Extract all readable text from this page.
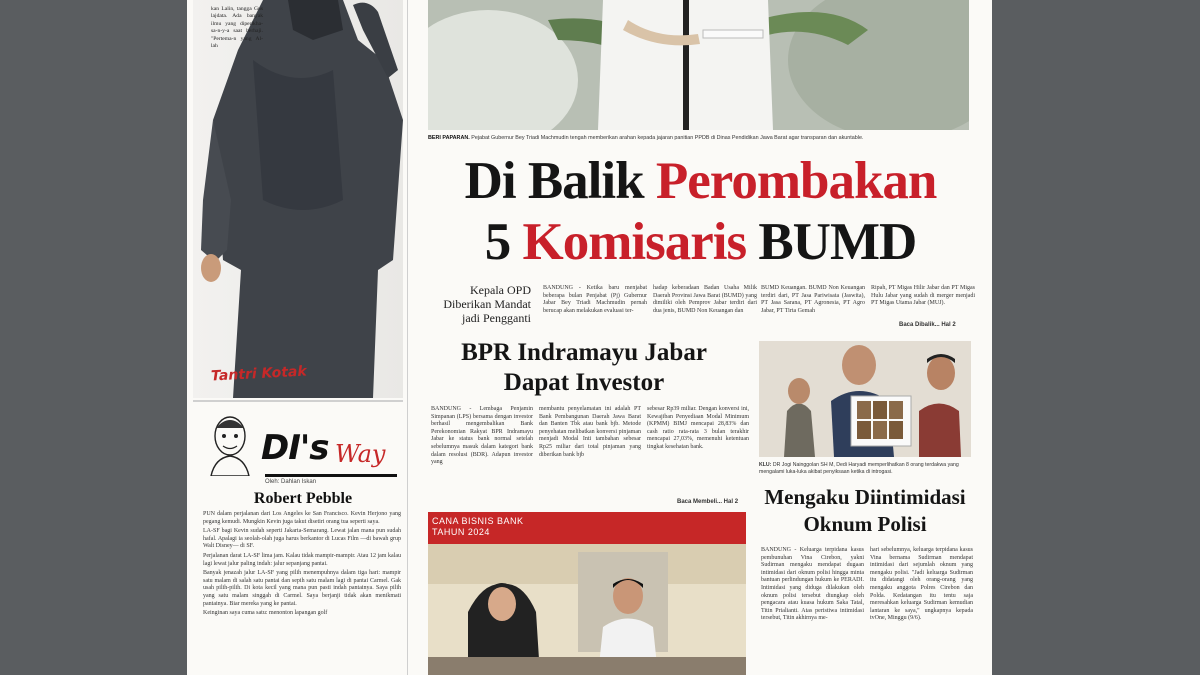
kan Lalin, tangga Gus lajdata. Ada banyak ilmu yang diperikha-sa-n-y-a saat berhaji. "Pertema-n yang Al-lah
Tantri Kotak
DI's Way
Oleh: Dahlan Iskan
Robert Pebble

PUN dalam perjalanan dari Los Angeles ke San Francisco. Kevin Herjono yang pegang kemudi. Mungkin Kevin juga takut disetiri orang tua seperti saya.

LA-SF bagi Kevin sudah seperti Jakarta-Semarang. Lewat jalan mana pun sudah hafal. Apalagi ia seolah-olah juga harus berkantor di Lucas Film —di bawah grup Walt Disney— di SF.

Perjalanan darat LA-SF lima jam. Kalau tidak mampir-mampir. Atau 12 jam kalau lagi lewat jalur paling indah: jalur sepanjang pantai.

Banyak jenazah jalur LA-SF yang pilih menempuhnya dalam tiga hari: mampir satu malam di salah satu pantai dan sepih satu malam lagi di pantai Carmel. Gak usah pilih-pilih. Di kota kecil yang mana pun pasti indah pantainya. Saya pilih yang satu malam singgah di Carmel. Saya berjanji tidak akan menikmati pantainya. Biar mereka yang ke pantai.

Keinginan saya cuma satu: menonton lapangan golf

BERI PAPARAN. Pejabat Gubernur Bey Triadi Machmudin tengah memberikan arahan kepada jajaran panitian PPDB di Dinas Pendidikan Jawa Barat agar transparan dan akuntable.
Di Balik Perombakan
5 Komisaris BUMD
Kepala OPD Diberikan Mandat jadi Pengganti
BANDUNG - Ketika baru menjabat beberapa bulan Penjabat (Pj) Gubernur Jabar Bey Triadi Machmudin pernah berucap akan melakukan evaluasi ter-
hadap keberadaan Badan Usaha Milik Daerah Provinsi Jawa Barat (BUMD) yang dimiliki oleh Pemprov Jabar terdiri dari dua jenis, BUMD Non Keuangan dan
BUMD Keuangan. BUMD Non Keuangan terdiri dari, PT Jasa Pariwisata (Jaswita), PT Jasa Sarana, PT Agronesia, PT Agro Jabar, PT Tirta Gemah
Ripah, PT Migas Hilir Jabar dan PT Migas Hulu Jabar yang sudah di merger menjadi PT Migas Utama Jabar (MUJ).
Baca Dibalik... Hal 2
BPR Indramayu Jabar Dapat Investor
BANDUNG - Lembaga Penjamin Simpanan (LPS) bersama dengan investor berhasil mengembalikan Bank Perekonomian Rakyat BPR Indramayu Jabar ke status bank normal setelah sebelumnya masuk dalam kategori bank dalam resolusi (BDR). Adapun investor yang
membantu penyelamatan ini adalah PT Bank Pembangunan Daerah Jawa Barat dan Banten Tbk atau bank bjb. Metode penyehatan melibatkan konversi pinjaman menjadi Modal Inti tambahan sebesar Rp25 miliar dari total pinjaman yang diberikan bank bjb
sebesar Rp39 miliar. Dengan konversi ini, Kewajiban Penyediaan Modal Minimum (KPMM) BIMJ mencapai 28,83% dan cash ratio rata-rata 3 bulan terakhir mencapai 27,03%, memenuhi ketentuan tingkat kesehatan bank.
Baca Membeli... Hal 2
CANA BISNIS BANK
TAHUN 2024
KLU: DR Jogi Nainggolan SH M, Dedi Haryadi memperlihatkan 8 orang terdakwa yang mengalami luka-luka akibat penyiksaan ketika di introgasi.
Mengaku Diintimidasi Oknum Polisi
BANDUNG - Keluarga terpidana kasus pembunuhan Vina Cirebon, yakni Sudirman mengaku mendapat dugaan intimidasi dari oknum polisi hingga minta bantuan perlindungan hukum ke PERADI. Intimidasi yang diduga dilakukan oleh oknum polisi tersebut diungkap oleh pengacara atau kuasa hukum Saka Tatal, Titin Prialianti. Atas peristiwa intimidasi tersebut, Titin akhirnya me-
hari sebelumnya, keluarga terpidana kasus Vina bernama Sudirman mendapat intimidasi dari sejumlah oknum yang mengaku polisi. "Jadi keluarga Sudirman itu didatangi oleh orang-orang yang mengaku anggota Polres Cirebon dan Polda. Kedatangan itu tentu saja meresahkan keluarga Sudirman kemudian lantaran ke saya," ungkapnya kepada tvOne, Minggu (9/6).
